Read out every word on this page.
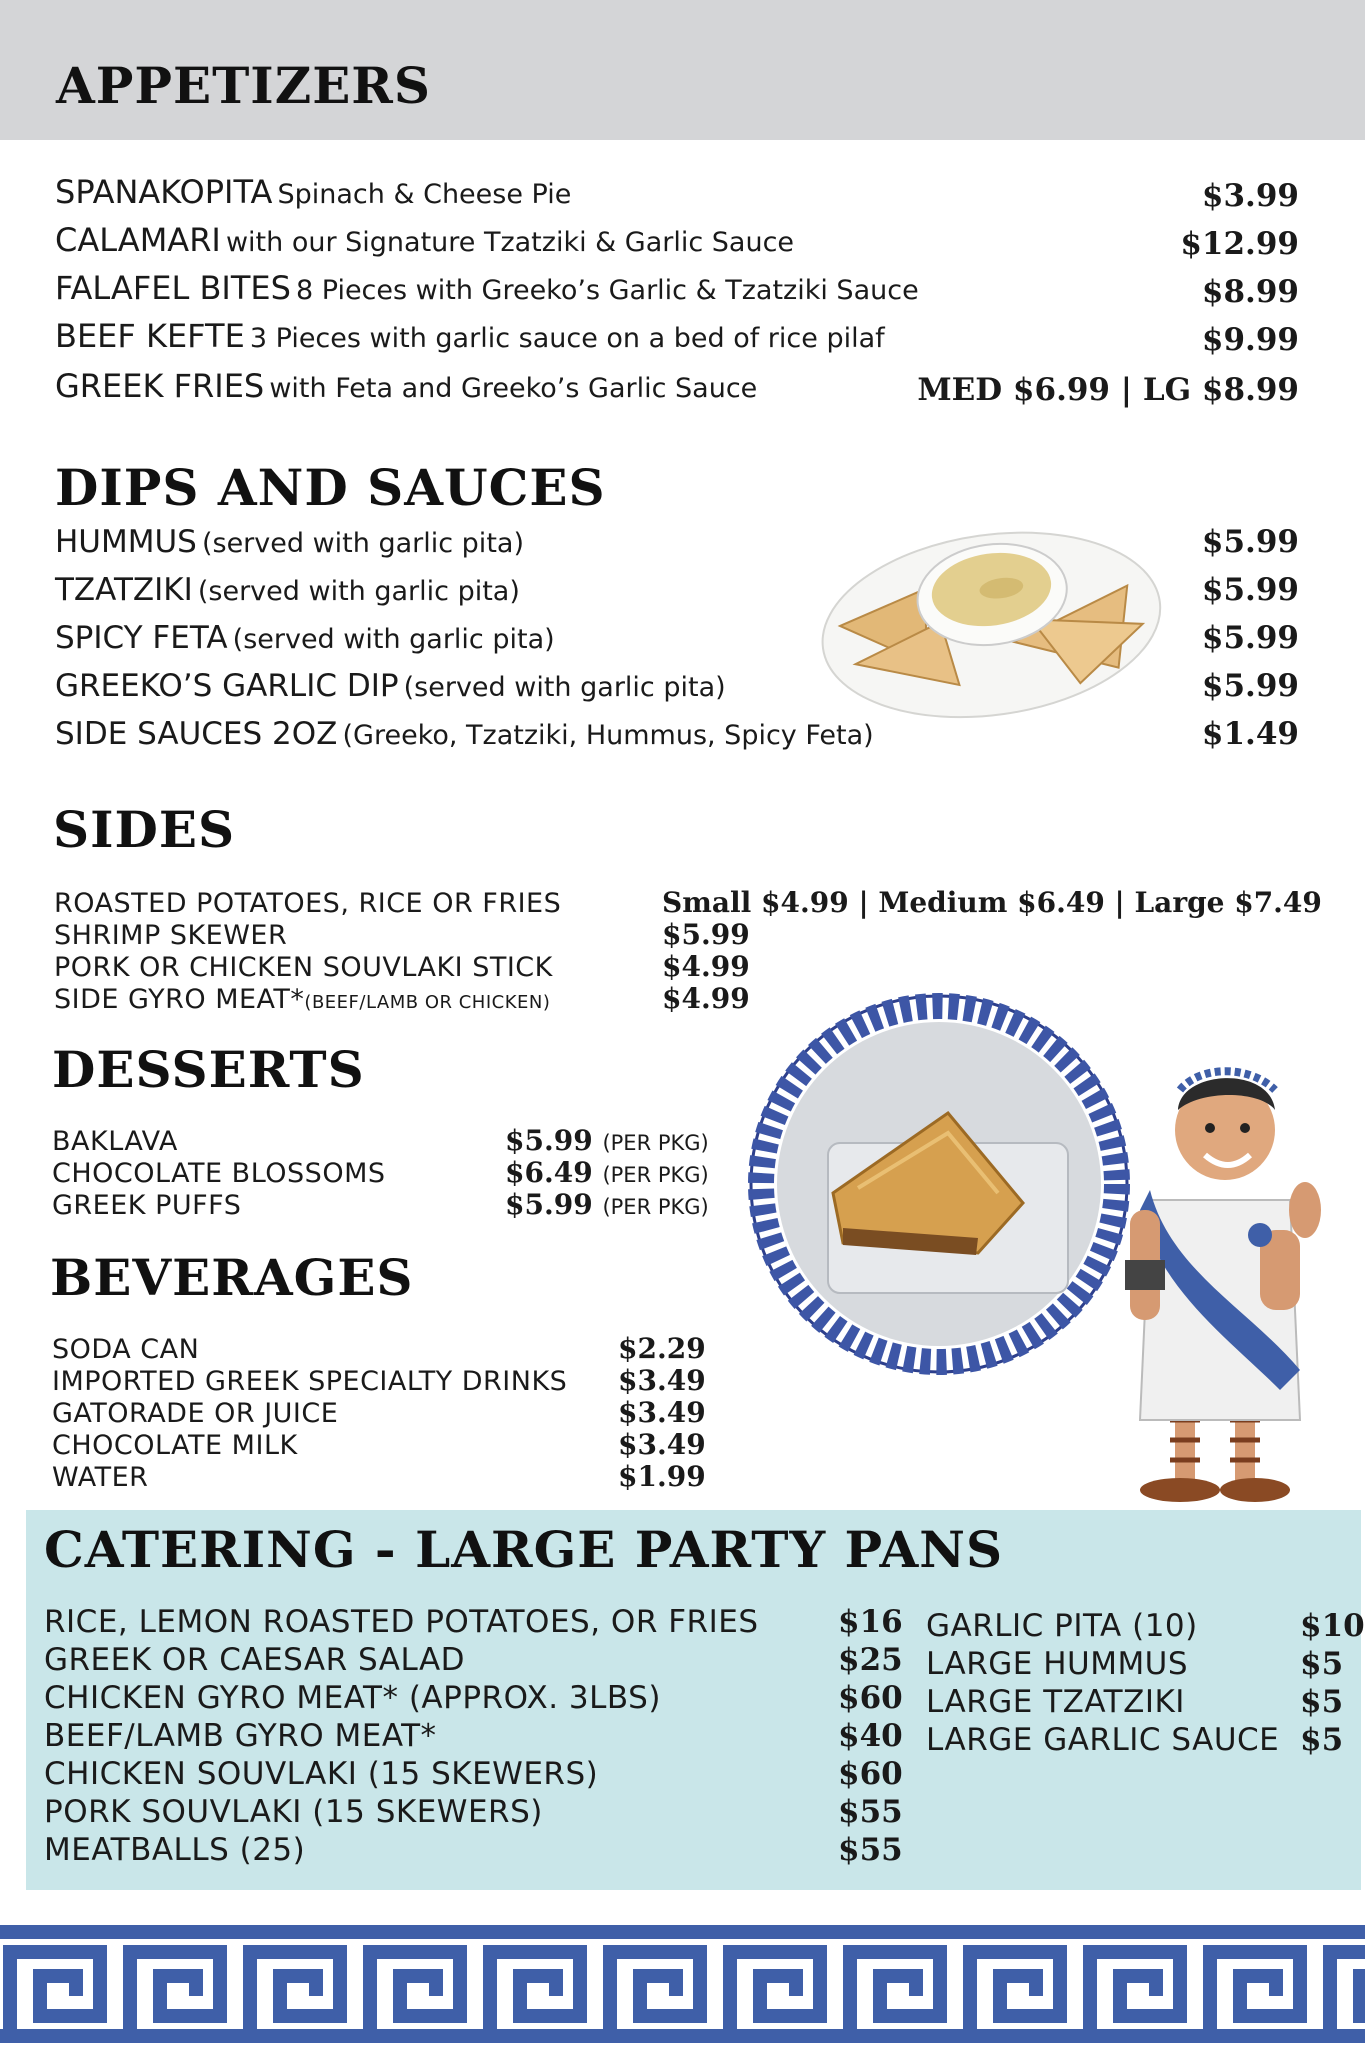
APPETIZERS
SPANAKOPITA Spinach & Cheese Pie	$3.99
CALAMARI with our Signature Tzatziki & Garlic Sauce	$12.99
FALAFEL BITES 8 Pieces with Greeko’s Garlic & Tzatziki Sauce	$8.99
BEEF KEFTE 3 Pieces with garlic sauce on a bed of rice pilaf	$9.99
GREEK FRIES with Feta and Greeko’s Garlic Sauce	MED $6.99 | LG $8.99
DIPS AND SAUCES
HUMMUS (served with garlic pita)	$5.99
TZATZIKI (served with garlic pita)	$5.99
SPICY FETA (served with garlic pita)	$5.99
GREEKO’S GARLIC DIP (served with garlic pita)	$5.99
SIDE SAUCES 2OZ (Greeko, Tzatziki, Hummus, Spicy Feta)	$1.49
SIDES
ROASTED POTATOES, RICE OR FRIES	Small $4.99 | Medium $6.49 | Large $7.49
SHRIMP SKEWER	$5.99
PORK OR CHICKEN SOUVLAKI STICK	$4.99
SIDE GYRO MEAT*(BEEF/LAMB OR CHICKEN)	$4.99
DESSERTS
BAKLAVA	$5.99 (PER PKG)
CHOCOLATE BLOSSOMS	$6.49 (PER PKG)
GREEK PUFFS	$5.99 (PER PKG)
BEVERAGES
SODA CAN	$2.29
IMPORTED GREEK SPECIALTY DRINKS $3.49
GATORADE OR JUICE	$3.49
CHOCOLATE MILK	$3.49
WATER	$1.99
CATERING - LARGE PARTY PANS
RICE, LEMON ROASTED POTATOES, OR FRIES	$16
GREEK OR CAESAR SALAD	$25
CHICKEN GYRO MEAT* (APPROX. 3LBS)	$60
BEEF/LAMB GYRO MEAT*	$40
CHICKEN SOUVLAKI (15 SKEWERS)	$60
PORK SOUVLAKI (15 SKEWERS)	$55
MEATBALLS (25)	$55
GARLIC PITA (10)	$10
LARGE HUMMUS	$5
LARGE TZATZIKI	$5
LARGE GARLIC SAUCE $5
